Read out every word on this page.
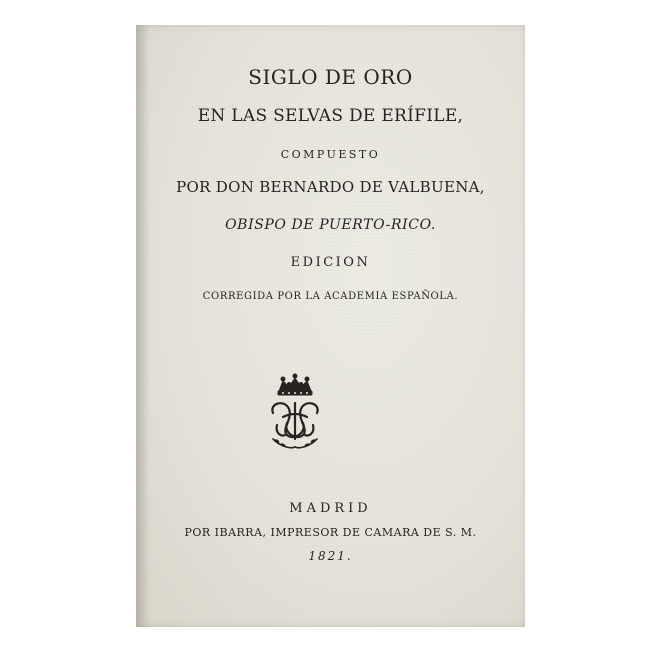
SIGLO DE ORO
EN LAS SELVAS DE ERÍFILE,
COMPUESTO
POR DON BERNARDO DE VALBUENA,
OBISPO DE PUERTO-RICO.
EDICION
CORREGIDA POR LA ACADEMIA ESPAÑOLA.
MADRID
POR IBARRA, IMPRESOR DE CAMARA DE S. M.
1821.
